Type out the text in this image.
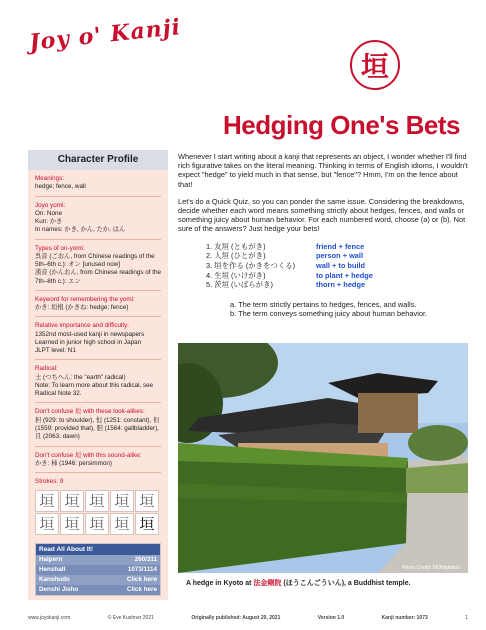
Joy o' Kanji
垣
Hedging One's Bets
Character Profile
Meanings:
hedge; fence, wall
Joyo yomi:
On: None
Kun: かき
In names: かき, かん, たか, はん
Types of on-yomi:
呉音 (ごおん, from Chinese readings of the 5th–6th c.): オン [unused now]
漢音 (かんおん, from Chinese readings of the 7th–8th c.): エン
Keyword for remembering the yomi:
かき: 垣根 (かきね: hedge; fence)
Relative importance and difficulty:
1352nd most-used kanji in newspapers
Learned in junior high school in Japan
JLPT level: N1
Radical:
土 (つちへん: the "earth" radical)
Note: To learn more about this radical, see Radical Note 32.
Don't confuse 垣 with these look-alikes:
担 (929: to shoulder), 恒 (1251: constant), 但 (1559: provided that), 胆 (1564: gallbladder), 且 (2063: dawn)
Don't confuse 垣 with this sound-alike:
かき: 柿 (1946: persimmon)
Strokes: 9
垣 垣 垣 垣 垣
垣 垣 垣 垣 垣
Read All About It!
Halpern	260/311
Henshall	1073/1114
Kanshudo	Click here
Denshi Jisho	Click here

Whenever I start writing about a kanji that represents an object, I wonder whether I'll find rich figurative takes on the literal meaning. Thinking in terms of English idioms, I wouldn't expect "hedge" to yield much in that sense, but "fence"? Hmm, I'm on the fence about that!

Let's do a Quick Quiz, so you can ponder the same issue. Considering the breakdowns, decide whether each word means something strictly about hedges, fences, and walls or something juicy about human behavior. For each numbered word, choose (a) or (b). Not sure of the answers? Just hedge your bets!

1. 友垣 (ともがき)	friend + fence
2. 人垣 (ひとがき)	person + wall
3. 垣を作る (かきをつくる)	wall + to build
4. 生垣 (いけがき)	to plant + hedge
5. 茨垣 (いばらがき)	thorn + hedge
a. The term strictly pertains to hedges, fences, and walls.
b. The term conveys something juicy about human behavior.
Photo Credit: 663highland
A hedge in Kyoto at 法金剛院 (ほうこんごういん), a Buddhist temple.
www.joyokanji.com	© Eve Kushner 2021	Originally published: August 20, 2021	Version 1.0	Kanji number: 1073	1
